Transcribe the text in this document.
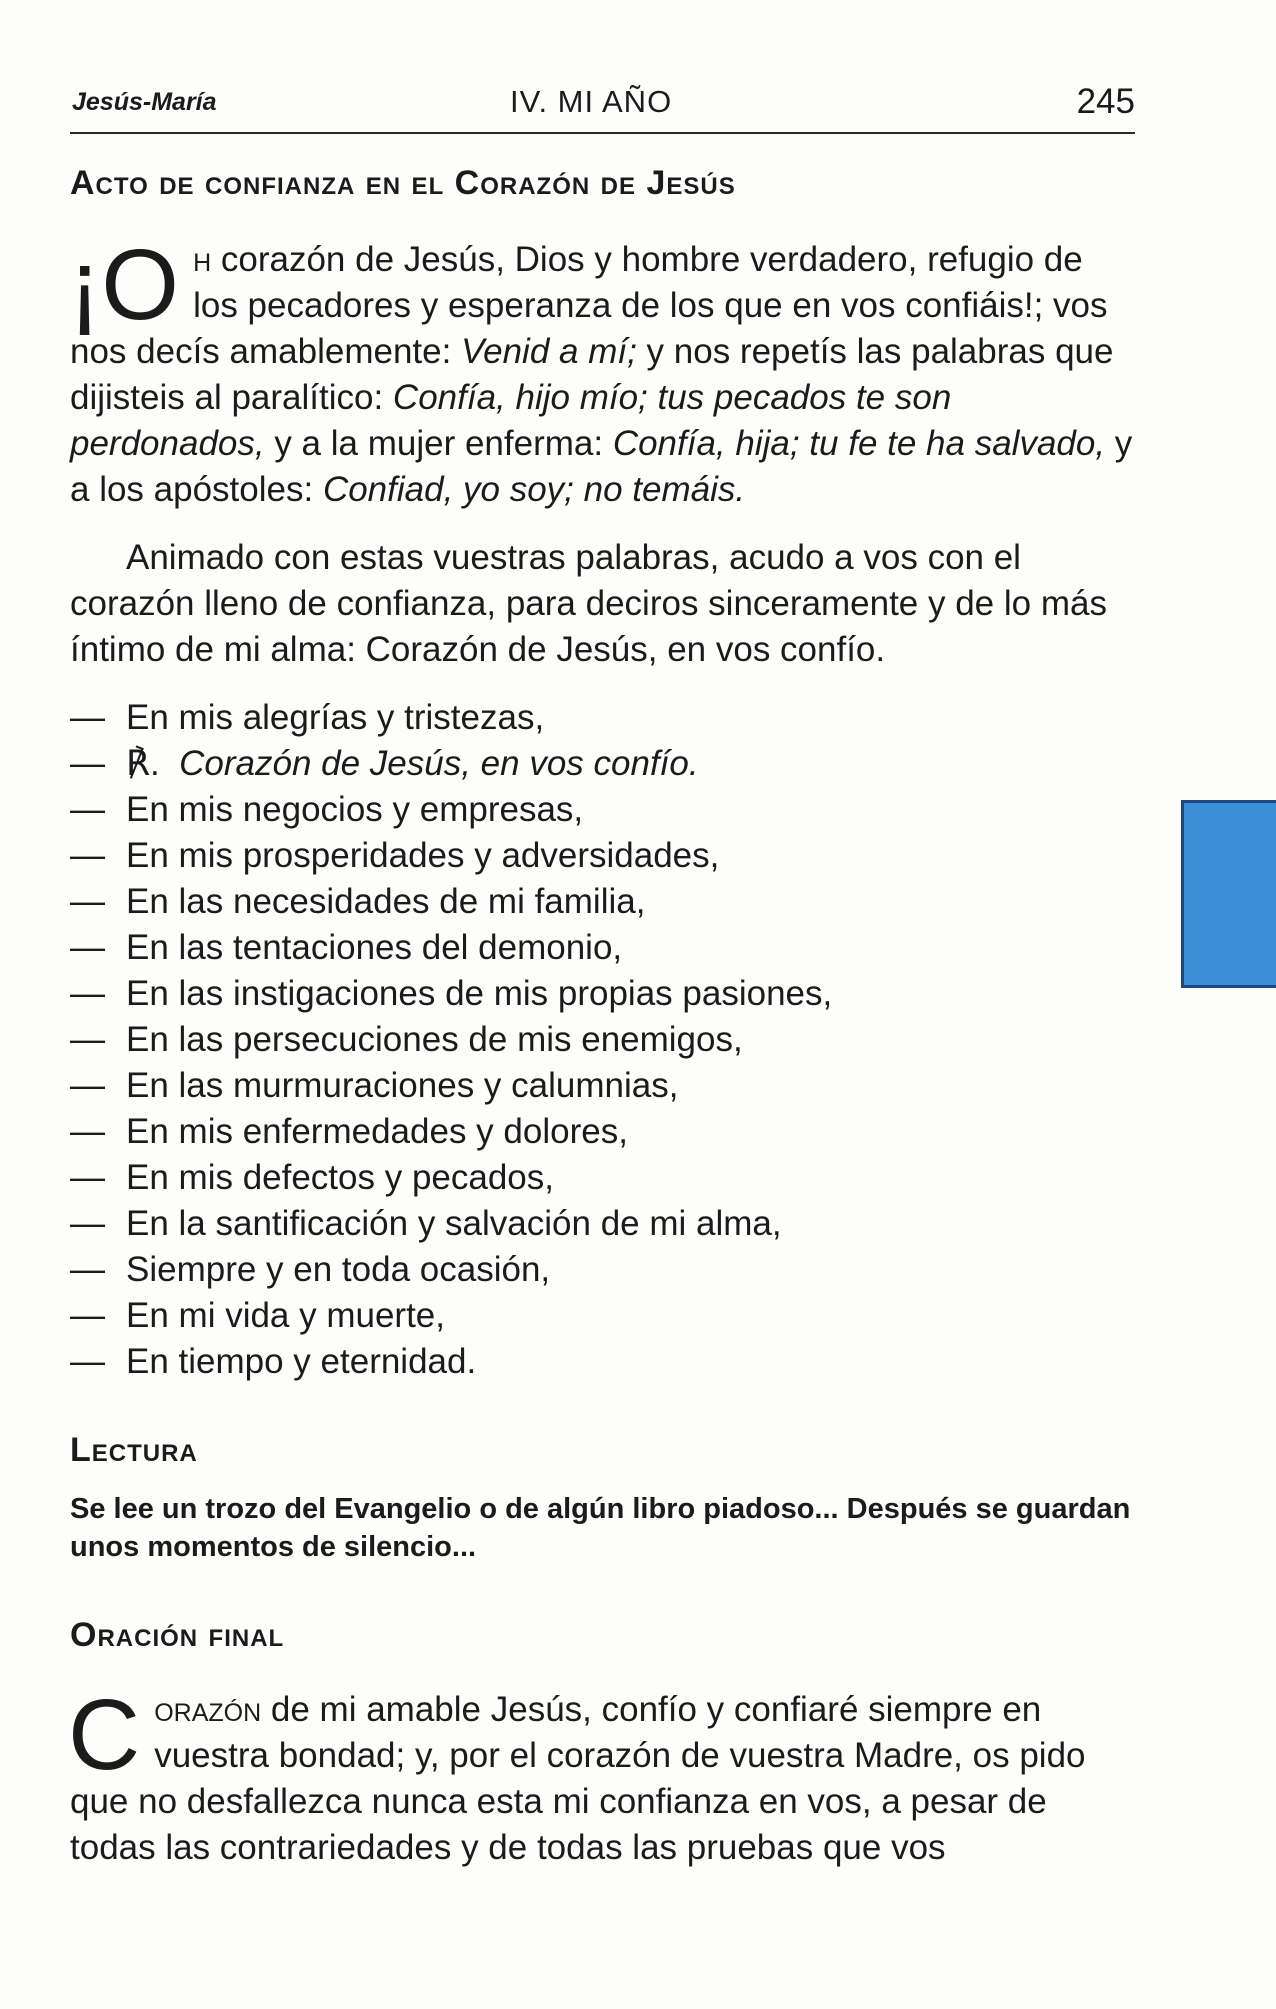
Jesús-María	IV. MI AÑO	245
Acto de confianza en el Corazón de Jesús

¡O h corazón de Jesús, Dios y hombre verdadero, refugio de los pecadores y esperanza de los que en vos confiáis!; vos nos decís amablemente: Venid a mí; y nos repetís las palabras que dijisteis al paralítico: Confía, hijo mío; tus pecados te son perdonados, y a la mujer enferma: Confía, hija; tu fe te ha salvado, y a los apóstoles: Confiad, yo soy; no temáis.

Animado con estas vuestras palabras, acudo a vos con el corazón lleno de confianza, para deciros sinceramente y de lo más íntimo de mi alma: Corazón de Jesús, en vos confío.

— En mis alegrías y tristezas,
— ℟. Corazón de Jesús, en vos confío.
— En mis negocios y empresas,
— En mis prosperidades y adversidades,
— En las necesidades de mi familia,
— En las tentaciones del demonio,
— En las instigaciones de mis propias pasiones,
— En las persecuciones de mis enemigos,
— En las murmuraciones y calumnias,
— En mis enfermedades y dolores,
— En mis defectos y pecados,
— En la santificación y salvación de mi alma,
— Siempre y en toda ocasión,
— En mi vida y muerte,
— En tiempo y eternidad.
Lectura

Se lee un trozo del Evangelio o de algún libro piadoso... Después se guardan unos momentos de silencio...

Oración final

Corazón de mi amable Jesús, confío y confiaré siempre en vuestra bondad; y, por el corazón de vuestra Madre, os pido que no desfallezca nunca esta mi confianza en vos, a pesar de todas las contrariedades y de todas las pruebas que vos
